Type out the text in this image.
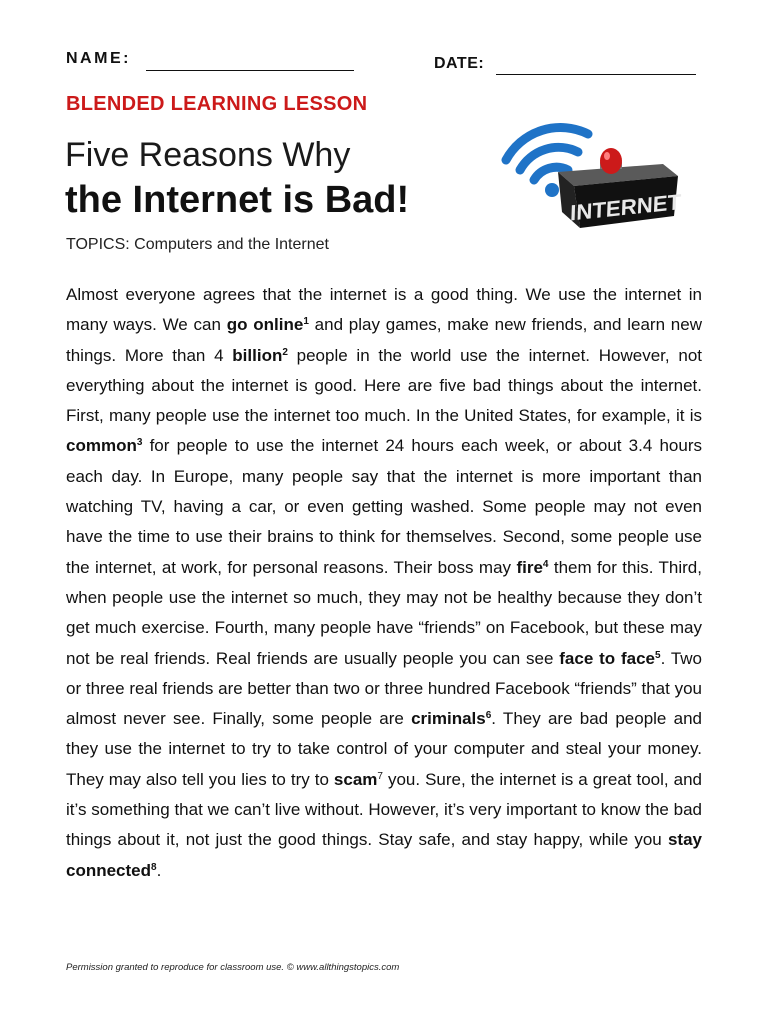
NAME:	DATE:
BLENDED LEARNING LESSON
Five Reasons Why
the Internet is Bad!
TOPICS: Computers and the Internet
INTERNET
Almost everyone agrees that the internet is a good thing. We use the internet in many ways. We can go online$^1$ and play games, make new friends, and learn new things. More than 4 billion$^2$ people in the world use the internet. However, not everything about the internet is good. Here are five bad things about the internet. First, many people use the internet too much. In the United States, for example, it is common$^3$ for people to use the internet 24 hours each week, or about 3.4 hours each day. In Europe, many people say that the internet is more important than watching TV, having a car, or even getting washed. Some people may not even have the time to use their brains to think for themselves. Second, some people use the internet, at work, for personal reasons. Their boss may fire$^4$ them for this. Third, when people use the internet so much, they may not be healthy because they don’t get much exercise. Fourth, many people have “friends” on Facebook, but these may not be real friends. Real friends are usually people you can see face to face$^5$. Two or three real friends are better than two or three hundred Facebook “friends” that you almost never see. Finally, some people are criminals$^6$. They are bad people and they use the internet to try to take control of your computer and steal your money. They may also tell you lies to try to scam$^7$ you. Sure, the internet is a great tool, and it’s something that we can’t live without. However, it’s very important to know the bad things about it, not just the good things. Stay safe, and stay happy, while you stay connected$^8$.
Permission granted to reproduce for classroom use. © www.allthingstopics.com
